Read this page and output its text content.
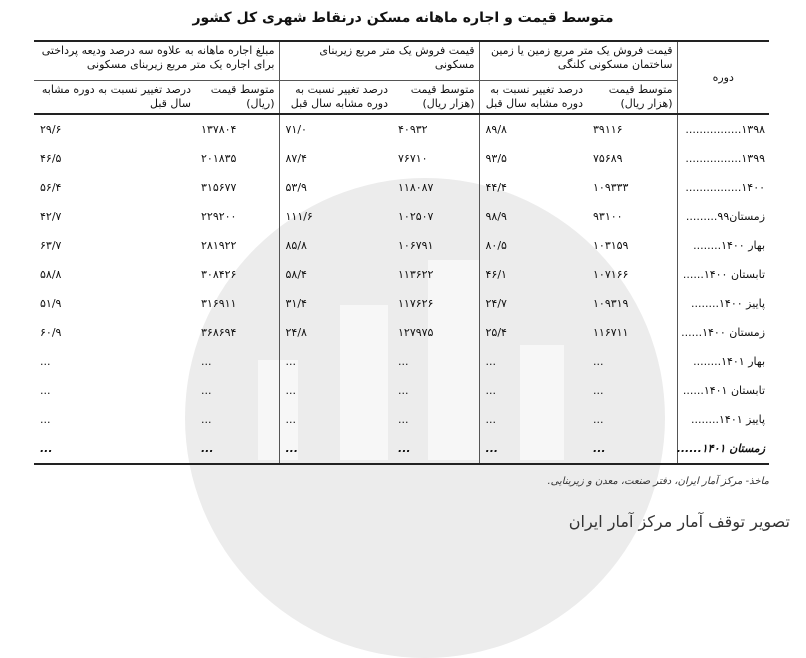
متوسط قیمت و اجاره ماهانه مسکن درنقاط شهری کل کشور
دوره	قیمت فروش یک متر مربع زمین یا زمین ساختمان مسکونی کلنگی		قیمت فروش یک متر مربع زیربنای مسکونی		مبلغ اجاره ماهانه به علاوه سه درصد ودیعه پرداختی برای اجاره یک متر مربع زیربنای مسکونی	
	متوسط قیمت (هزار ریال)	درصد تغییر نسبت به دوره مشابه سال قبل	متوسط قیمت (هزار ریال)	درصد تغییر نسبت به دوره مشابه سال قبل	متوسط قیمت (ریال)	درصد تغییر نسبت به دوره مشابه سال قبل
۱۳۹۸................	۳۹۱۱۶	۸۹/۸	۴۰۹۳۲	۷۱/۰	۱۳۷۸۰۴	۲۹/۶
۱۳۹۹................	۷۵۶۸۹	۹۳/۵	۷۶۷۱۰	۸۷/۴	۲۰۱۸۳۵	۴۶/۵
۱۴۰۰................	۱۰۹۳۳۳	۴۴/۴	۱۱۸۰۸۷	۵۳/۹	۳۱۵۶۷۷	۵۶/۴
زمستان۹۹.........	۹۳۱۰۰	۹۸/۹	۱۰۲۵۰۷	۱۱۱/۶	۲۲۹۲۰۰	۴۲/۷
بهار ۱۴۰۰........	۱۰۳۱۵۹	۸۰/۵	۱۰۶۷۹۱	۸۵/۸	۲۸۱۹۲۲	۶۳/۷
تابستان ۱۴۰۰......	۱۰۷۱۶۶	۴۶/۱	۱۱۳۶۲۲	۵۸/۴	۳۰۸۴۲۶	۵۸/۸
پاییز ۱۴۰۰........	۱۰۹۳۱۹	۲۴/۷	۱۱۷۶۲۶	۳۱/۴	۳۱۶۹۱۱	۵۱/۹
زمستان ۱۴۰۰......	۱۱۶۷۱۱	۲۵/۴	۱۲۷۹۷۵	۲۴/۸	۳۶۸۶۹۴	۶۰/۹
بهار ۱۴۰۱........	...	...	...	...	...	...
تابستان ۱۴۰۱......	...	...	...	...	...	...
پاییز ۱۴۰۱........	...	...	...	...	...	...
زمستان ۱۴۰۱......	...	...	...	...	...	...
ماخذ- مرکز آمار ایران، دفتر صنعت، معدن و زیربنایی.
تصویر توقف آمار مرکز آمار ایران
